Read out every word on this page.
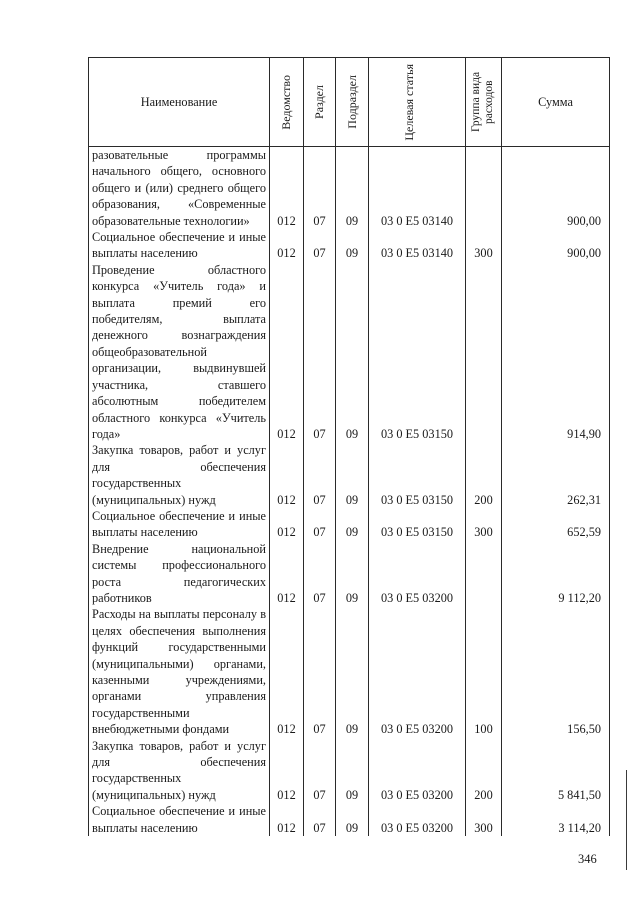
Наименование	Ведомство	Раздел	Подраздел	Целевая статья	Группа вида расходов	Сумма

разовательные программы начального общего, основного общего и (или) среднего общего образования, «Современные образовательные технологии»	012	07	09	03 0 E5 03140		900,00

Социальное обеспечение и иные выплаты населению	012	07	09	03 0 E5 03140	300	900,00

Проведение областного конкурса «Учитель года» и выплата премий его победителям, выплата денежного вознаграждения общеобразовательной организации, выдвинувшей участника, ставшего абсолютным победителем областного конкурса «Учитель года»	012	07	09	03 0 E5 03150		914,90

Закупка товаров, работ и услуг для обеспечения государственных (муниципальных) нужд	012	07	09	03 0 E5 03150	200	262,31

Социальное обеспечение и иные выплаты населению	012	07	09	03 0 E5 03150	300	652,59

Внедрение национальной системы профессионального роста педагогических работников	012	07	09	03 0 E5 03200		9 112,20

Расходы на выплаты персоналу в целях обеспечения выполнения функций государственными (муниципальными) органами, казенными учреждениями, органами управления государственными внебюджетными фондами	012	07	09	03 0 E5 03200	100	156,50

Закупка товаров, работ и услуг для обеспечения государственных (муниципальных) нужд	012	07	09	03 0 E5 03200	200	5 841,50

Социальное обеспечение и иные выплаты населению	012	07	09	03 0 E5 03200	300	3 114,20
346
